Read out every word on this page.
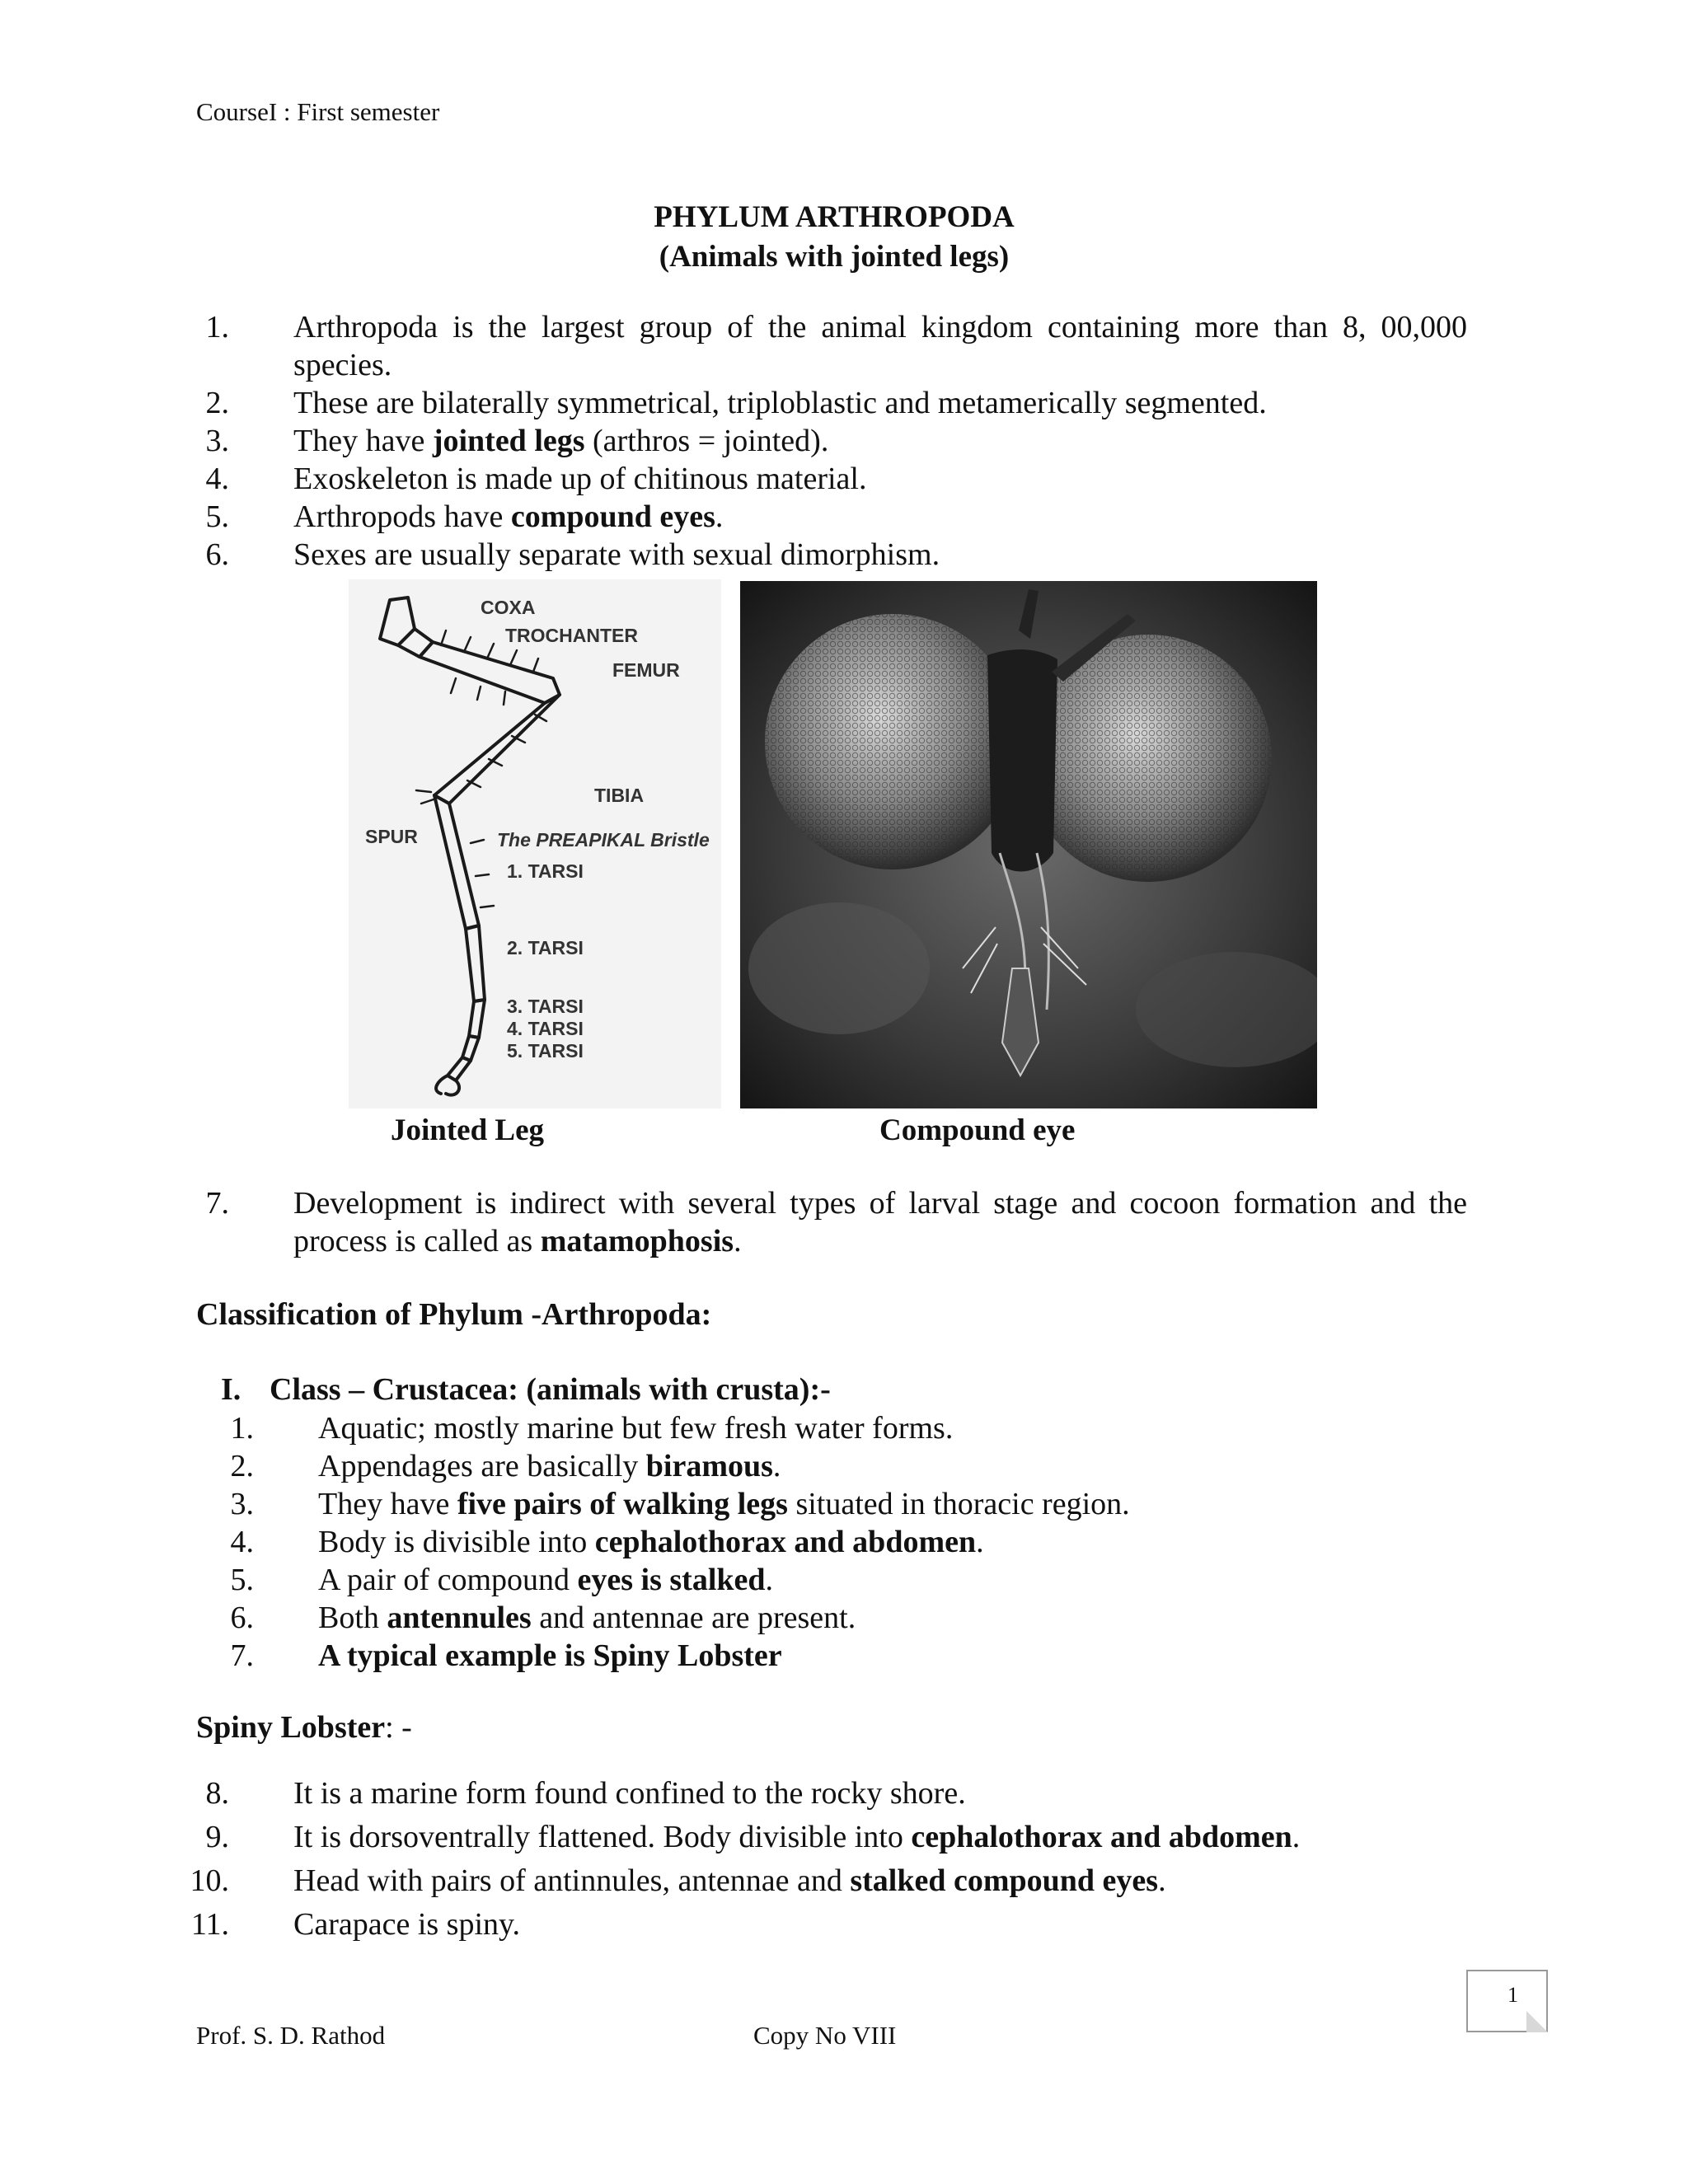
CourseI : First semester
PHYLUM ARTHROPODA
(Animals with jointed legs)
1. Arthropoda is the largest group of the animal kingdom containing more than 8, 00,000
species.
2. These are bilaterally symmetrical, triploblastic and metamerically segmented.
3. They have jointed legs (arthros = jointed).
4. Exoskeleton is made up of chitinous material.
5. Arthropods have compound eyes.
6. Sexes are usually separate with sexual dimorphism.
COXA
TROCHANTER
FEMUR
TIBIA
SPUR	The PREAPIKAL Bristle
1. TARSI
2. TARSI
3. TARSI
4. TARSI
5. TARSI
Jointed Leg	Compound eye
7. Development is indirect with several types of larval stage and cocoon formation and the
process is called as matamophosis.
Classification of Phylum -Arthropoda:
I. Class – Crustacea: (animals with crusta):-
1. Aquatic; mostly marine but few fresh water forms.
2. Appendages are basically biramous.
3. They have five pairs of walking legs situated in thoracic region.
4. Body is divisible into cephalothorax and abdomen.
5. A pair of compound eyes is stalked.
6. Both antennules and antennae are present.
7. A typical example is Spiny Lobster
Spiny Lobster: -
8. It is a marine form found confined to the rocky shore.
9. It is dorsoventrally flattened. Body divisible into cephalothorax and abdomen.
10. Head with pairs of antinnules, antennae and stalked compound eyes.
11. Carapace is spiny.
1
Prof. S. D. Rathod	Copy No VIII
